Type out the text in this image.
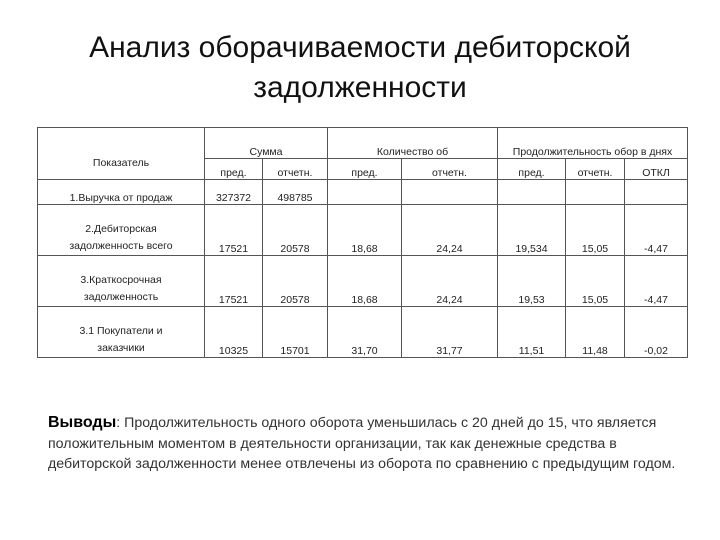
Анализ оборачиваемости дебиторской
задолженности
Показатель	Сумма		Количество об		Продолжительность обор в днях		
	пред.	отчетн.	пред.	отчетн.	пред.	отчетн.	ОТКЛ
1.Выручка от продаж	327372	498785					

2.Дебиторская
задолженность всего	17521	20578	18,68	24,24	19,534	15,05	-4,47

3.Краткосрочная
задолженность	17521	20578	18,68	24,24	19,53	15,05	-4,47

3.1 Покупатели и
заказчики	10325	15701	31,70	31,77	11,51	11,48	-0,02
Выводы: Продолжительность одного оборота уменьшилась с 20 дней до 15, что является положительным моментом в деятельности организации, так как денежные средства в дебиторской задолженности менее отвлечены из оборота по сравнению с предыдущим годом.
